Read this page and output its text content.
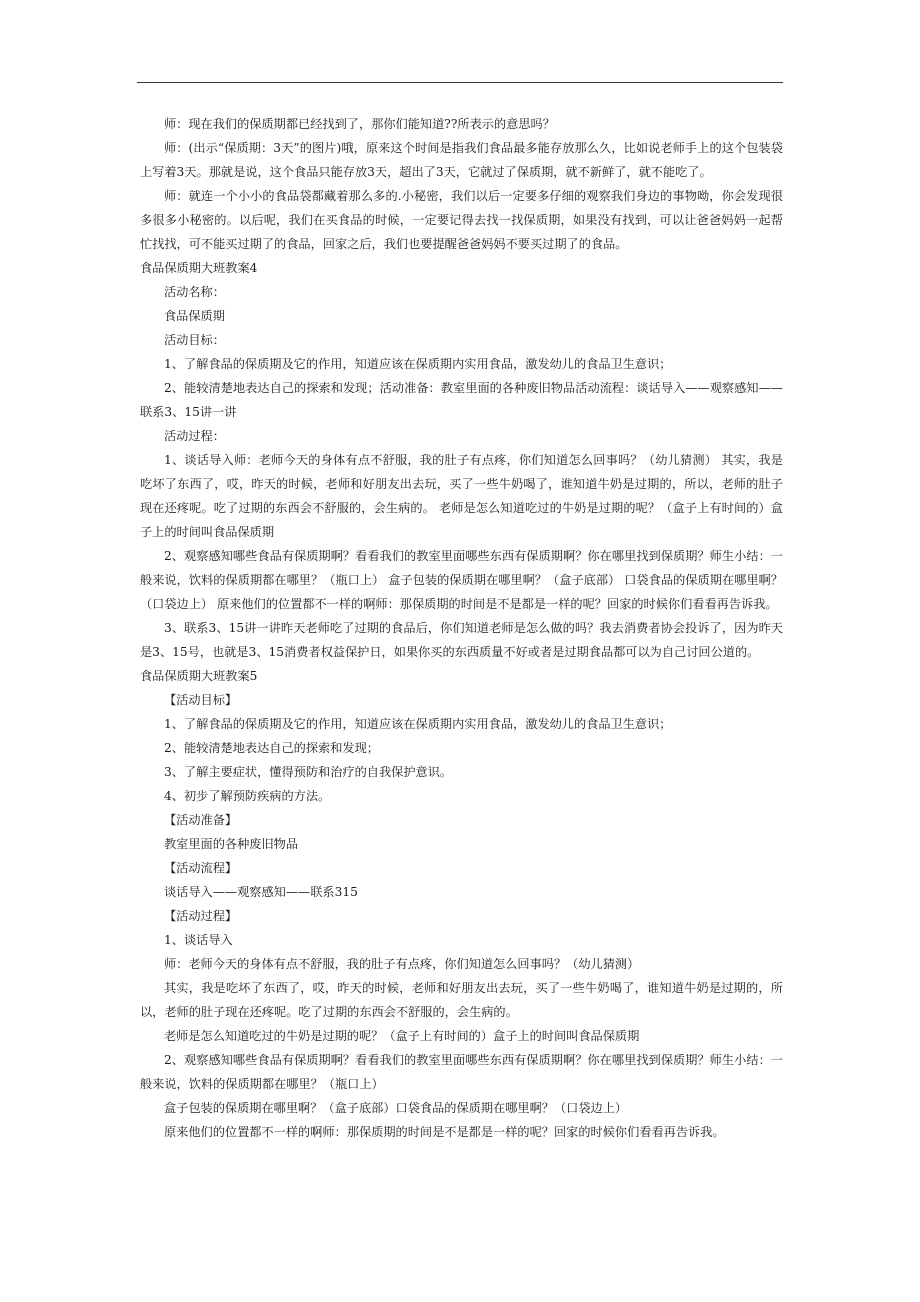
师：现在我们的保质期都已经找到了，那你们能知道??所表示的意思吗？

师：(出示“保质期：3天”的图片)哦，原来这个时间是指我们食品最多能存放那么久，比如说老师手上的这个包装袋上写着3天。那就是说，这个食品只能存放3天，超出了3天，它就过了保质期，就不新鲜了，就不能吃了。

师：就连一个小小的食品袋都藏着那么多的.小秘密，我们以后一定要多仔细的观察我们身边的事物呦，你会发现很多很多小秘密的。以后呢，我们在买食品的时候，一定要记得去找一找保质期，如果没有找到，可以让爸爸妈妈一起帮忙找找，可不能买过期了的食品，回家之后，我们也要提醒爸爸妈妈不要买过期了的食品。

食品保质期大班教案4

活动名称：

食品保质期

活动目标：

1、了解食品的保质期及它的作用，知道应该在保质期内实用食品，激发幼儿的食品卫生意识；

2、能较清楚地表达自己的探索和发现；活动准备：教室里面的各种废旧物品活动流程：谈话导入——观察感知——联系3、15讲一讲

活动过程：

1、谈话导入师：老师今天的身体有点不舒服，我的肚子有点疼，你们知道怎么回事吗？（幼儿猜测） 其实，我是吃坏了东西了，哎，昨天的时候，老师和好朋友出去玩，买了一些牛奶喝了，谁知道牛奶是过期的，所以，老师的肚子现在还疼呢。吃了过期的东西会不舒服的，会生病的。 老师是怎么知道吃过的牛奶是过期的呢？（盒子上有时间的）盒子上的时间叫食品保质期

2、观察感知哪些食品有保质期啊？看看我们的教室里面哪些东西有保质期啊？你在哪里找到保质期？师生小结：一般来说，饮料的保质期都在哪里？（瓶口上） 盒子包装的保质期在哪里啊？（盒子底部） 口袋食品的保质期在哪里啊？（口袋边上） 原来他们的位置都不一样的啊师：那保质期的时间是不是都是一样的呢？回家的时候你们看看再告诉我。

3、联系3、15讲一讲昨天老师吃了过期的食品后，你们知道老师是怎么做的吗？我去消费者协会投诉了，因为昨天是3、15号，也就是3、15消费者权益保护日，如果你买的东西质量不好或者是过期食品都可以为自己讨回公道的。

食品保质期大班教案5

【活动目标】

1、了解食品的保质期及它的作用，知道应该在保质期内实用食品，激发幼儿的食品卫生意识；

2、能较清楚地表达自己的探索和发现；

3、了解主要症状，懂得预防和治疗的自我保护意识。

4、初步了解预防疾病的方法。

【活动准备】

教室里面的各种废旧物品

【活动流程】

谈话导入——观察感知——联系315

【活动过程】

1、谈话导入

师：老师今天的身体有点不舒服，我的肚子有点疼，你们知道怎么回事吗？（幼儿猜测）

其实，我是吃坏了东西了，哎，昨天的时候，老师和好朋友出去玩，买了一些牛奶喝了，谁知道牛奶是过期的，所以，老师的肚子现在还疼呢。吃了过期的东西会不舒服的，会生病的。

老师是怎么知道吃过的牛奶是过期的呢？（盒子上有时间的）盒子上的时间叫食品保质期

2、观察感知哪些食品有保质期啊？看看我们的教室里面哪些东西有保质期啊？你在哪里找到保质期？师生小结：一般来说，饮料的保质期都在哪里？（瓶口上）

盒子包装的保质期在哪里啊？（盒子底部）口袋食品的保质期在哪里啊？（口袋边上）

原来他们的位置都不一样的啊师：那保质期的时间是不是都是一样的呢？回家的时候你们看看再告诉我。
